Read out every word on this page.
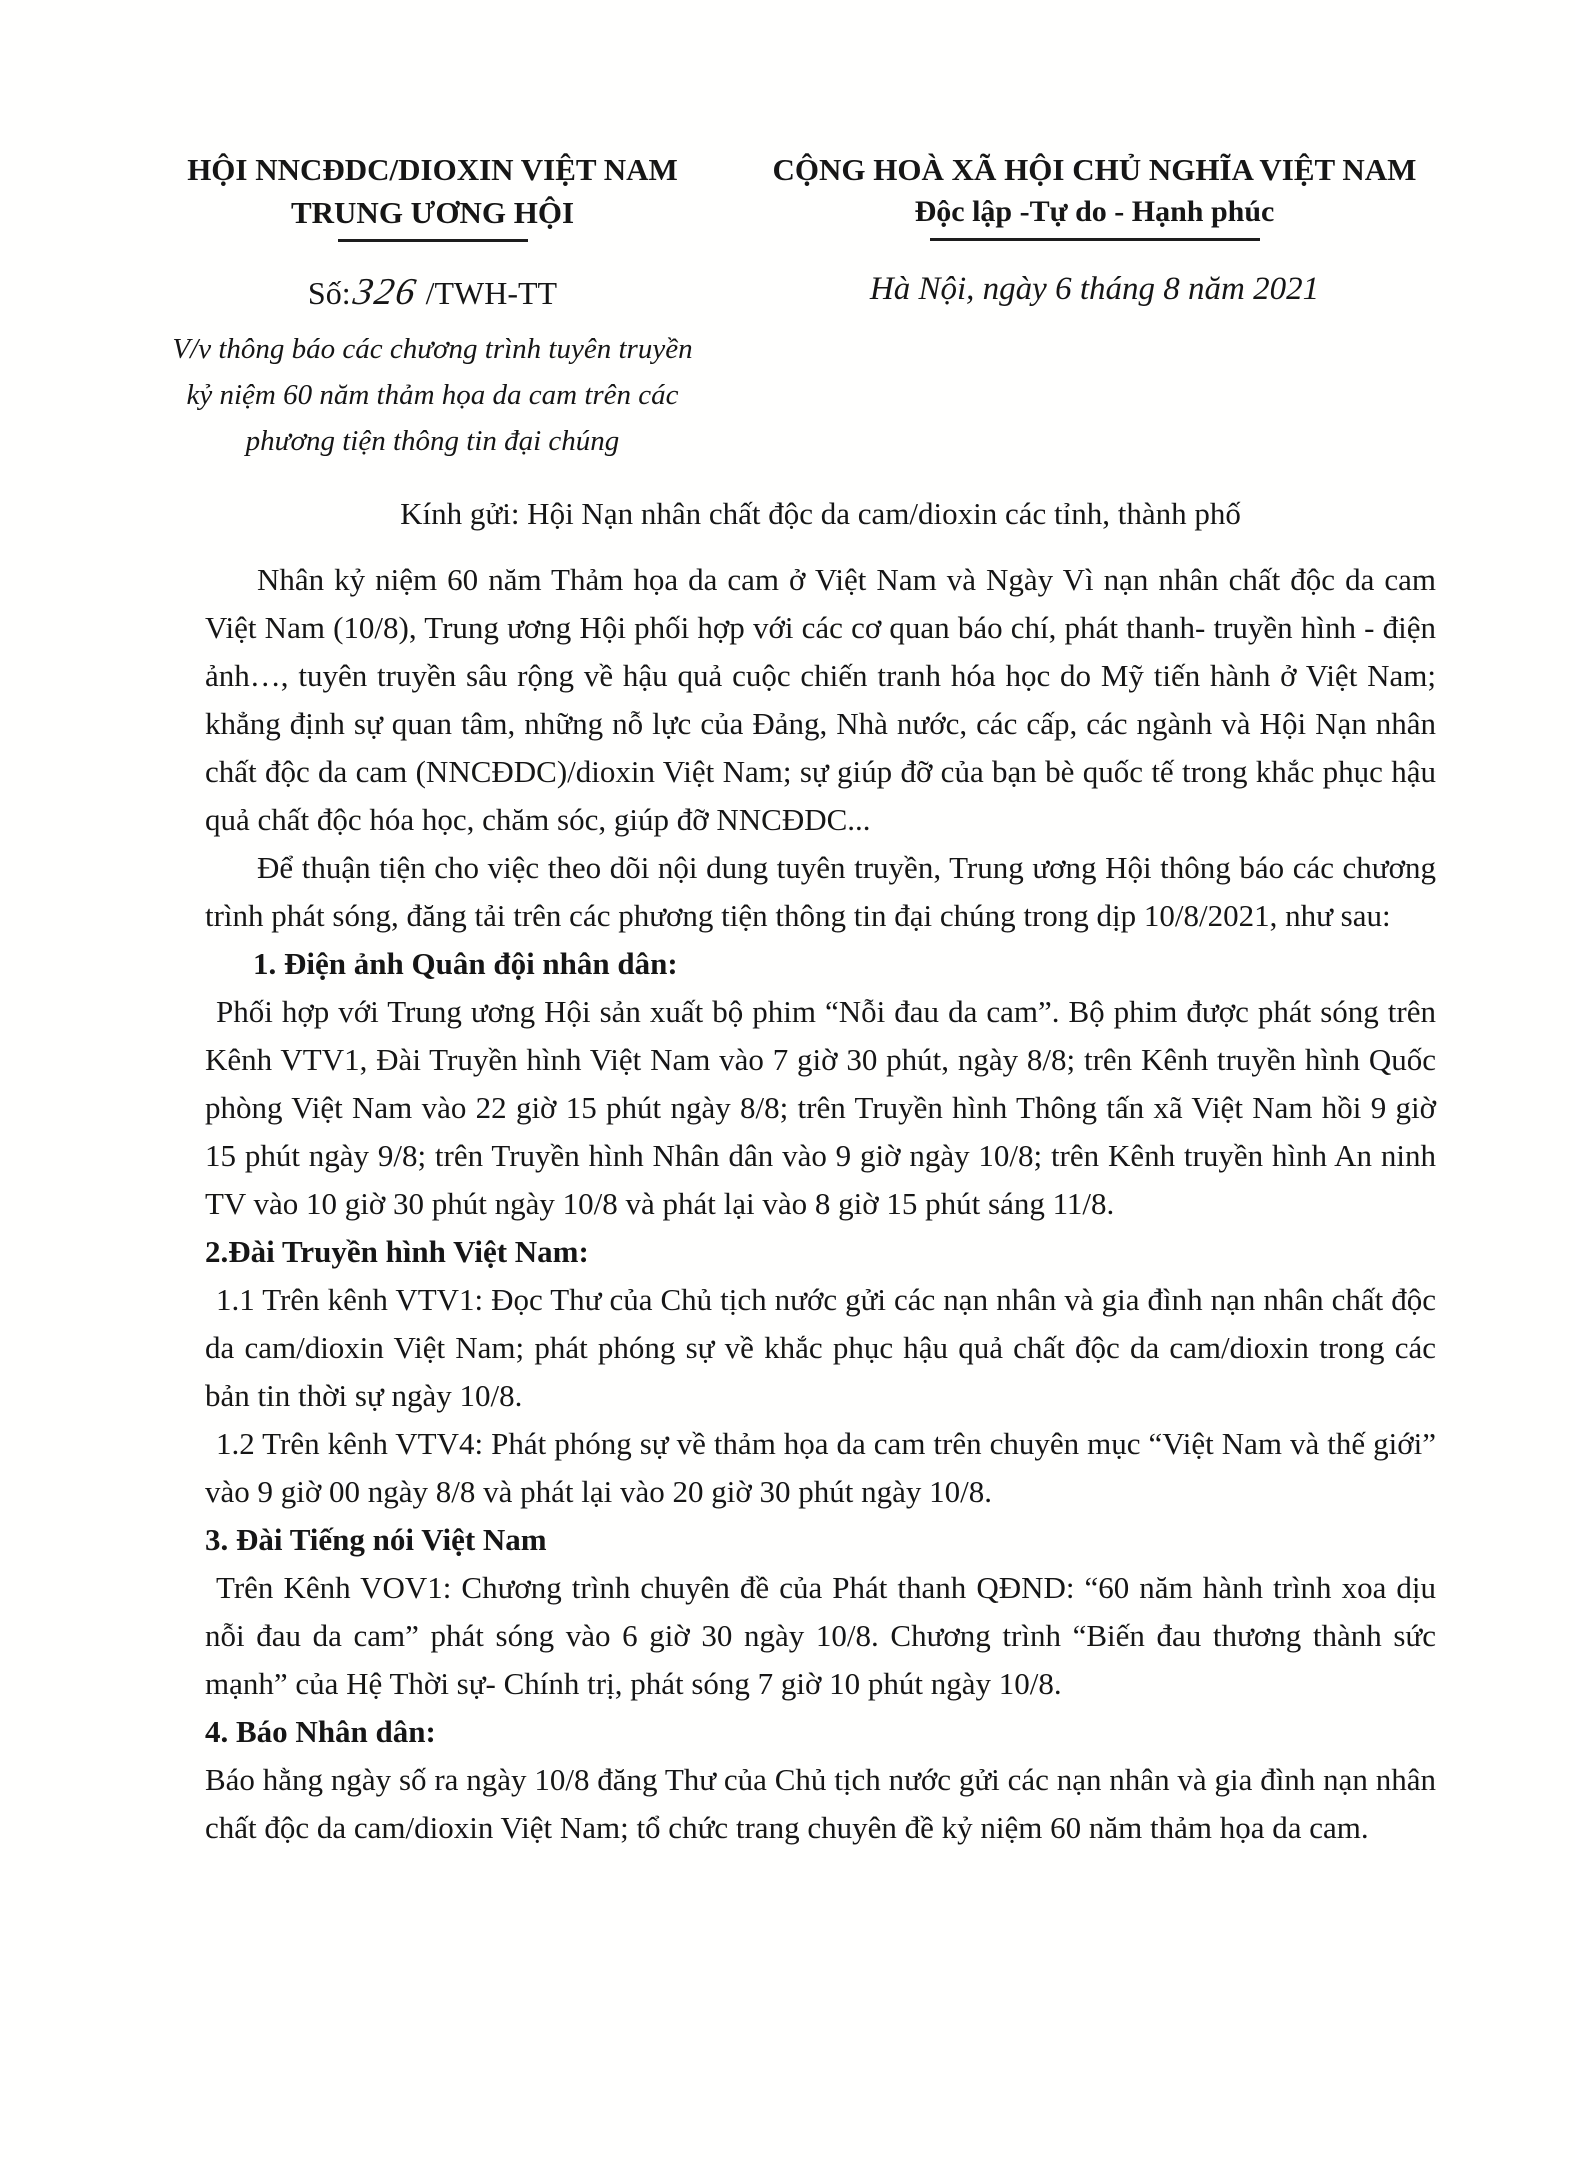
HỘI NNCĐDC/DIOXIN VIỆT NAM
TRUNG ƯƠNG HỘI
Số:326 /TWH-TT
V/v thông báo các chương trình tuyên truyền
kỷ niệm 60 năm thảm họa da cam trên các
phương tiện thông tin đại chúng
CỘNG HOÀ XÃ HỘI CHỦ NGHĨA VIỆT NAM
Độc lập -Tự do - Hạnh phúc
Hà Nội, ngày 6 tháng 8 năm 2021
Kính gửi: Hội Nạn nhân chất độc da cam/dioxin các tỉnh, thành phố

Nhân kỷ niệm 60 năm Thảm họa da cam ở Việt Nam và Ngày Vì nạn nhân chất độc da cam Việt Nam (10/8), Trung ương Hội phối hợp với các cơ quan báo chí, phát thanh- truyền hình - điện ảnh…, tuyên truyền sâu rộng về hậu quả cuộc chiến tranh hóa học do Mỹ tiến hành ở Việt Nam; khẳng định sự quan tâm, những nỗ lực của Đảng, Nhà nước, các cấp, các ngành và Hội Nạn nhân chất độc da cam (NNCĐDC)/dioxin Việt Nam; sự giúp đỡ của bạn bè quốc tế trong khắc phục hậu quả chất độc hóa học, chăm sóc, giúp đỡ NNCĐDC...

Để thuận tiện cho việc theo dõi nội dung tuyên truyền, Trung ương Hội thông báo các chương trình phát sóng, đăng tải trên các phương tiện thông tin đại chúng trong dịp 10/8/2021, như sau:

1. Điện ảnh Quân đội nhân dân:

Phối hợp với Trung ương Hội sản xuất bộ phim “Nỗi đau da cam”. Bộ phim được phát sóng trên Kênh VTV1, Đài Truyền hình Việt Nam vào 7 giờ 30 phút, ngày 8/8; trên Kênh truyền hình Quốc phòng Việt Nam vào 22 giờ 15 phút ngày 8/8; trên Truyền hình Thông tấn xã Việt Nam hồi 9 giờ 15 phút ngày 9/8; trên Truyền hình Nhân dân vào 9 giờ ngày 10/8; trên Kênh truyền hình An ninh TV vào 10 giờ 30 phút ngày 10/8 và phát lại vào 8 giờ 15 phút sáng 11/8.

2.Đài Truyền hình Việt Nam:

1.1 Trên kênh VTV1: Đọc Thư của Chủ tịch nước gửi các nạn nhân và gia đình nạn nhân chất độc da cam/dioxin Việt Nam; phát phóng sự về khắc phục hậu quả chất độc da cam/dioxin trong các bản tin thời sự ngày 10/8.

1.2 Trên kênh VTV4: Phát phóng sự về thảm họa da cam trên chuyên mục “Việt Nam và thế giới” vào 9 giờ 00 ngày 8/8 và phát lại vào 20 giờ 30 phút ngày 10/8.

3. Đài Tiếng nói Việt Nam

Trên Kênh VOV1: Chương trình chuyên đề của Phát thanh QĐND: “60 năm hành trình xoa dịu nỗi đau da cam” phát sóng vào 6 giờ 30 ngày 10/8. Chương trình “Biến đau thương thành sức mạnh” của Hệ Thời sự- Chính trị, phát sóng 7 giờ 10 phút ngày 10/8.

4. Báo Nhân dân:

Báo hằng ngày số ra ngày 10/8 đăng Thư của Chủ tịch nước gửi các nạn nhân và gia đình nạn nhân chất độc da cam/dioxin Việt Nam; tổ chức trang chuyên đề kỷ niệm 60 năm thảm họa da cam.
